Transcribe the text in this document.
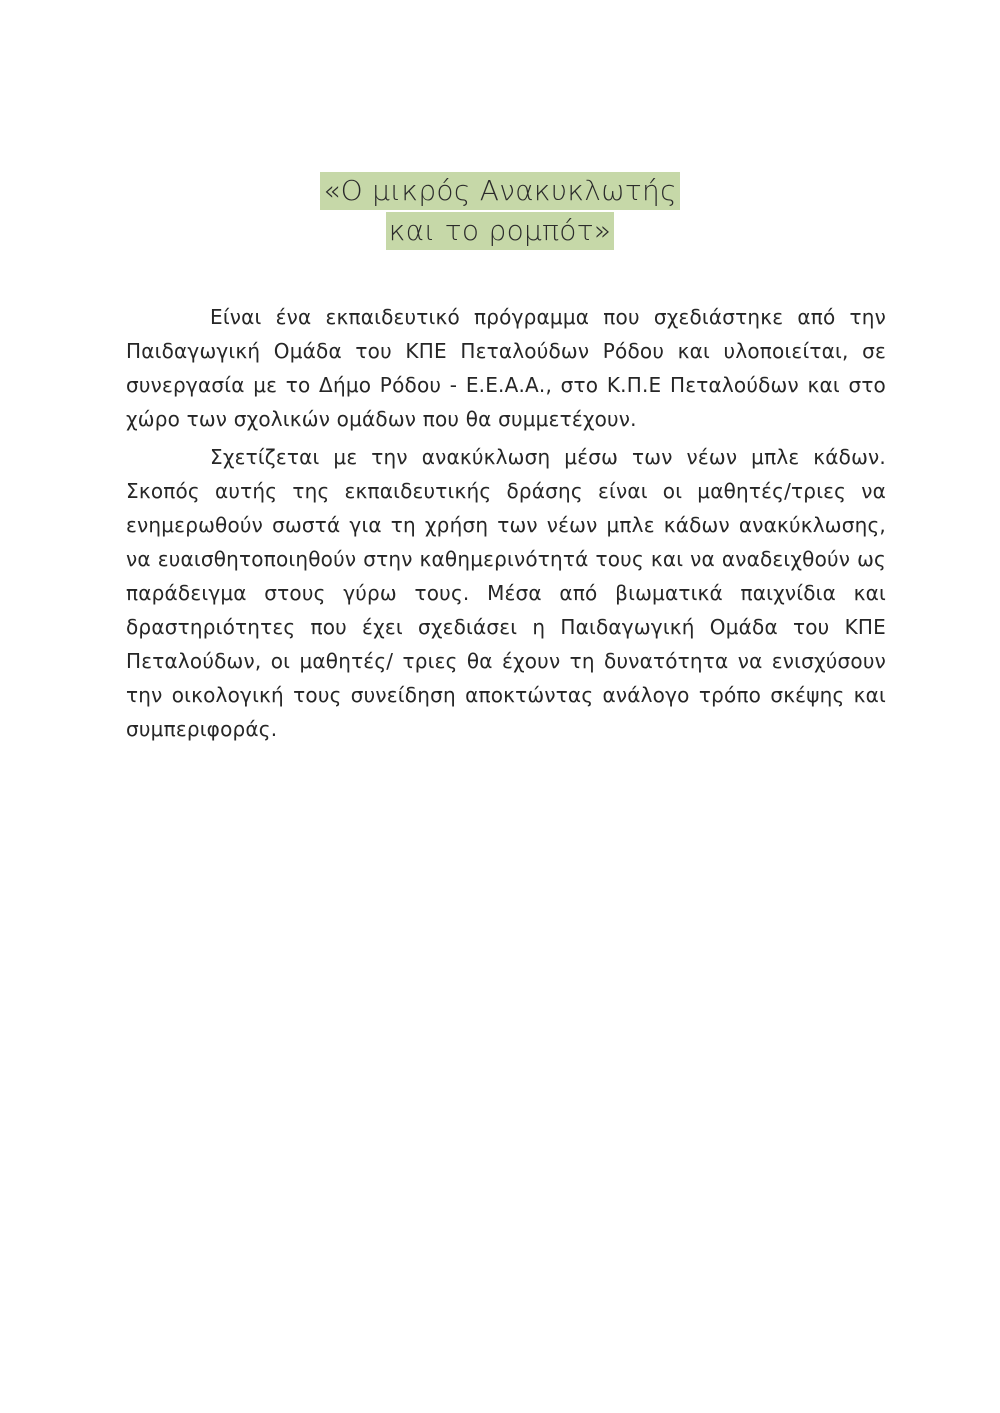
«Ο μικρός Ανακυκλωτής
και το ρομπότ»

Είναι ένα εκπαιδευτικό πρόγραμμα που σχεδιάστηκε από την Παιδαγωγική Ομάδα του ΚΠΕ Πεταλούδων Ρόδου και υλοποιείται, σε συνεργασία με το Δήμο Ρόδου - Ε.Ε.Α.Α., στο Κ.Π.Ε Πεταλούδων και στο χώρο των σχολικών ομάδων που θα συμμετέχουν.

Σχετίζεται με την ανακύκλωση μέσω των νέων μπλε κάδων. Σκοπός αυτής της εκπαιδευτικής δράσης είναι οι μαθητές/τριες να ενημερωθούν σωστά για τη χρήση των νέων μπλε κάδων ανακύκλωσης, να ευαισθητοποιηθούν στην καθημερινότητά τους και να αναδειχθούν ως παράδειγμα στους γύρω τους. Μέσα από βιωματικά παιχνίδια και δραστηριότητες που έχει σχεδιάσει η Παιδαγωγική Ομάδα του ΚΠΕ Πεταλούδων, οι μαθητές/ τριες θα έχουν τη δυνατότητα να ενισχύσουν την οικολογική τους συνείδηση αποκτώντας ανάλογο τρόπο σκέψης και συμπεριφοράς.
